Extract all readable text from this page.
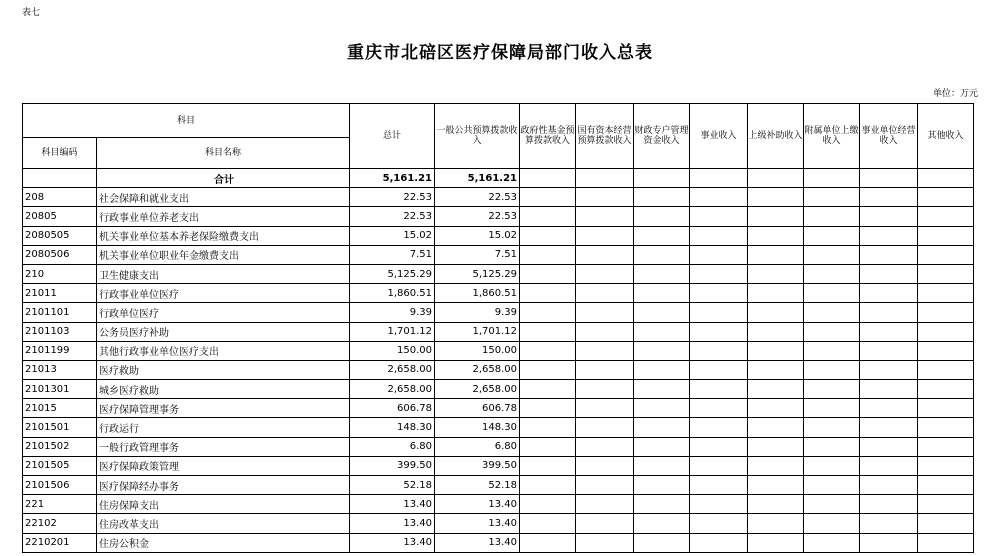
表七
重庆市北碚区医疗保障局部门收入总表
单位：万元
科目		总计	一般公共预算拨款收入	政府性基金预算拨款收入	国有资本经营预算拨款收入	财政专户管理资金收入	事业收入	上级补助收入	附属单位上缴收入	事业单位经营收入	其他收入
科目编码	科目名称										
	合计	5,161.21	5,161.21								
208	社会保障和就业支出	22.53	22.53								
20805	行政事业单位养老支出	22.53	22.53								
2080505	机关事业单位基本养老保险缴费支出	15.02	15.02								
2080506	机关事业单位职业年金缴费支出	7.51	7.51								
210	卫生健康支出	5,125.29	5,125.29								
21011	行政事业单位医疗	1,860.51	1,860.51								
2101101	行政单位医疗	9.39	9.39								
2101103	公务员医疗补助	1,701.12	1,701.12								
2101199	其他行政事业单位医疗支出	150.00	150.00								
21013	医疗救助	2,658.00	2,658.00								
2101301	城乡医疗救助	2,658.00	2,658.00								
21015	医疗保障管理事务	606.78	606.78								
2101501	行政运行	148.30	148.30								
2101502	一般行政管理事务	6.80	6.80								
2101505	医疗保障政策管理	399.50	399.50								
2101506	医疗保障经办事务	52.18	52.18								
221	住房保障支出	13.40	13.40								
22102	住房改革支出	13.40	13.40								
2210201	住房公积金	13.40	13.40								
